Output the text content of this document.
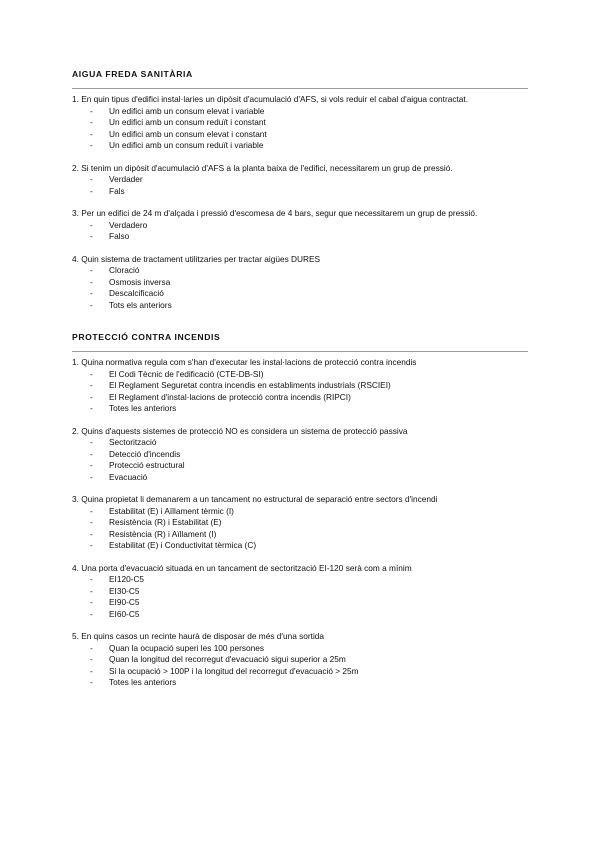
AIGUA FREDA SANITÀRIA

1. En quin tipus d'edifici instal·laries un dipòsit d'acumulació d'AFS, si vols reduir el cabal d'aigua contractat.

- Un edifici amb un consum elevat i variable
- Un edifici amb un consum reduït i constant
- Un edifici amb un consum elevat i constant
- Un edifici amb un consum reduït i variable

2. Si tenim un dipòsit d'acumulació d'AFS a la planta baixa de l'edifici, necessitarem un grup de pressió.

- Verdader
- Fals

3. Per un edifici de 24 m d'alçada i pressió d'escomesa de 4 bars, segur que necessitarem un grup de pressió.

- Verdadero
- Falso

4. Quin sistema de tractament utilitzaries per tractar aigües DURES

- Cloració
- Osmosis inversa
- Descalcificació
- Tots els anteriors
PROTECCIÓ CONTRA INCENDIS

1. Quina normativa regula com s'han d'executar les instal·lacions de protecció contra incendis

- El Codi Tècnic de l'edificació (CTE-DB-SI)
- El Reglament Seguretat contra incendis en establiments industrials (RSCIEI)
- El Reglament d'instal·lacions de protecció contra incendis (RIPCI)
- Totes les anteriors

2. Quins d'aquests sistemes de protecció NO es considera un sistema de protecció passiva

- Sectorització
- Detecció d'incendis
- Protecció estructural
- Evacuació

3. Quina propietat li demanarem a un tancament no estructural de separació entre sectors d'incendi

- Estabilitat (E) i Aïllament tèrmic (I)
- Resistència (R) i Estabilitat (E)
- Resistència (R) i Aïllament (I)
- Estabilitat (E) i Conductivitat tèrmica (C)

4. Una porta d'evacuació situada en un tancament de sectorització EI-120 serà com a mínim

- EI120-C5
- EI30-C5
- EI90-C5
- EI60-C5

5. En quins casos un recinte haurà de disposar de més d'una sortida

- Quan la ocupació superi les 100 persones
- Quan la longitud del recorregut d'evacuació sigui superior a 25m
- Si la ocupació > 100P i la longitud del recorregut d'evacuació > 25m
- Totes les anteriors
